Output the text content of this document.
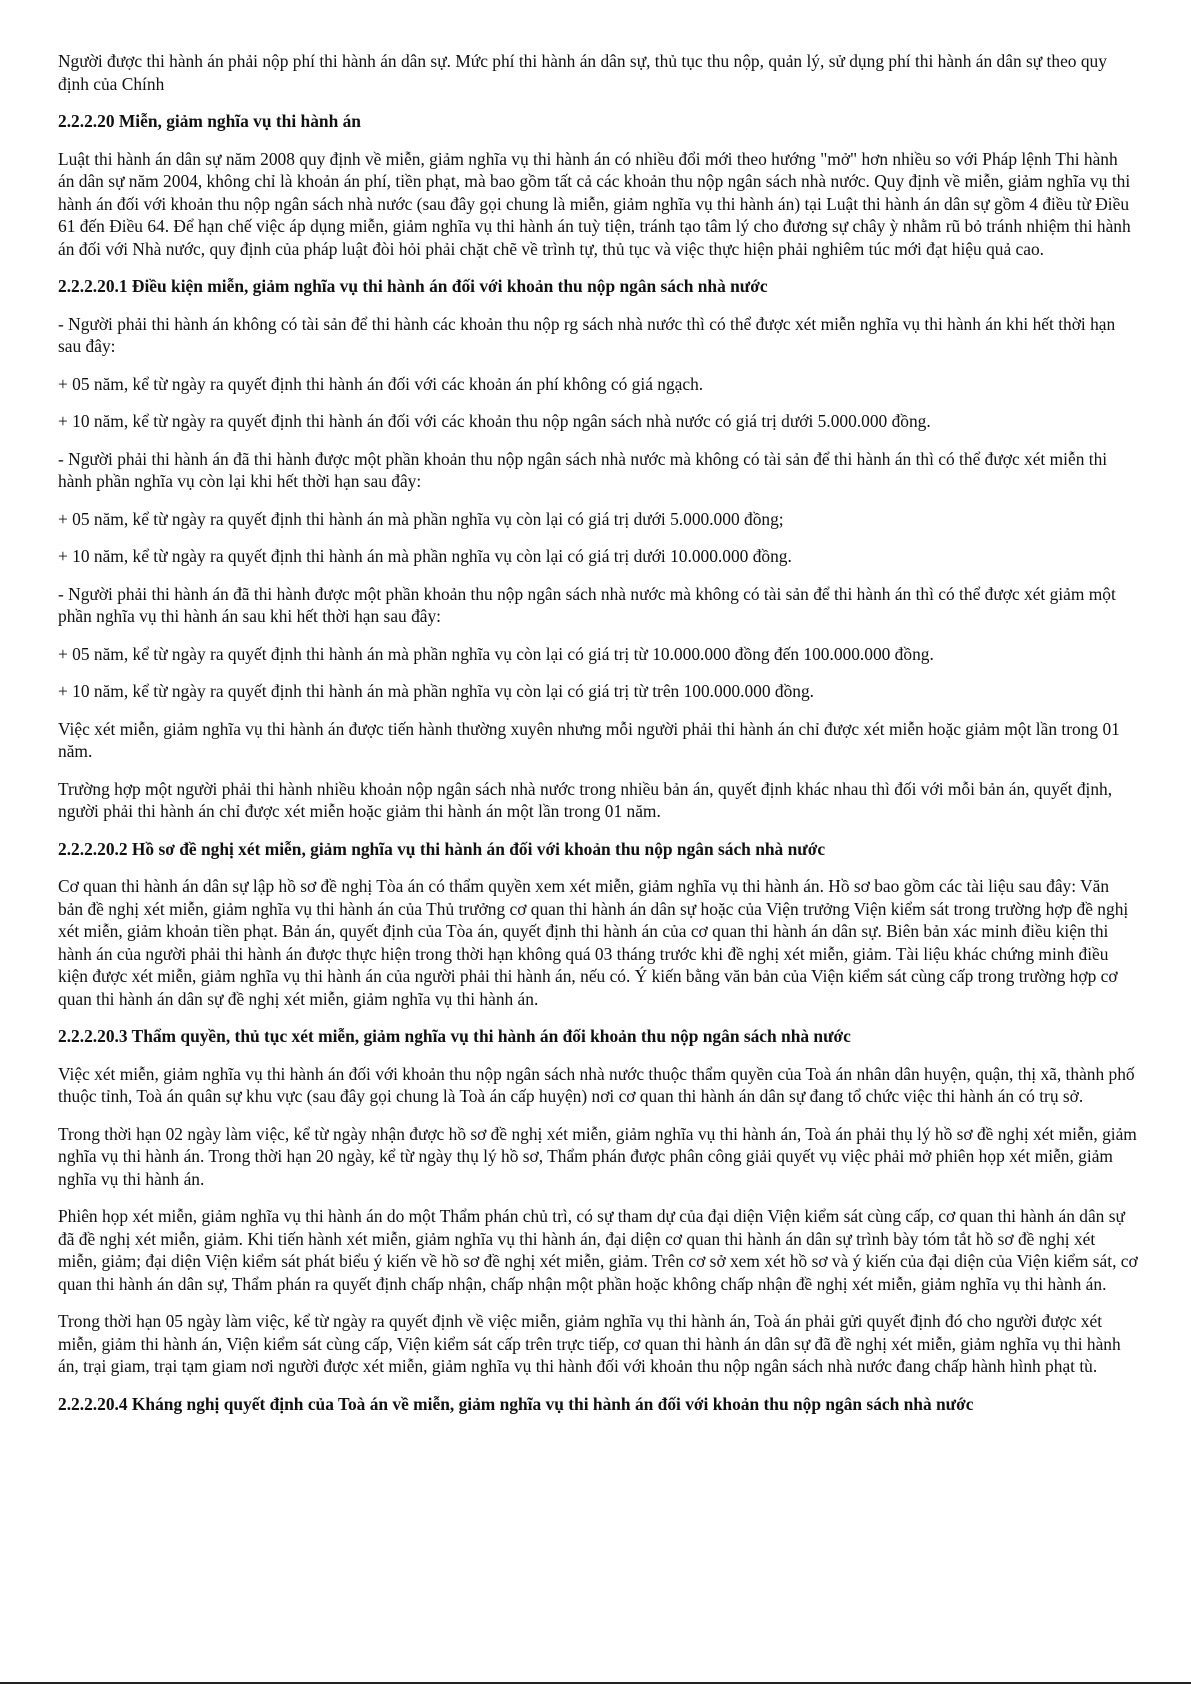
Người được thi hành án phải nộp phí thi hành án dân sự. Mức phí thi hành án dân sự, thủ tục thu nộp, quản lý, sử dụng phí thi hành án dân sự theo quy định của Chính

2.2.2.20 Miễn, giảm nghĩa vụ thi hành án

Luật thi hành án dân sự năm 2008 quy định về miễn, giảm nghĩa vụ thi hành án có nhiều đổi mới theo hướng "mở" hơn nhiều so với Pháp lệnh Thi hành án dân sự năm 2004, không chỉ là khoản án phí, tiền phạt, mà bao gồm tất cả các khoản thu nộp ngân sách nhà nước. Quy định về miễn, giảm nghĩa vụ thi hành án đối với khoản thu nộp ngân sách nhà nước (sau đây gọi chung là miễn, giảm nghĩa vụ thi hành án) tại Luật thi hành án dân sự gồm 4 điều từ Điều 61 đến Điều 64. Để hạn chế việc áp dụng miễn, giảm nghĩa vụ thi hành án tuỳ tiện, tránh tạo tâm lý cho đương sự chây ỳ nhằm rũ bỏ tránh nhiệm thi hành án đối với Nhà nước, quy định của pháp luật đòi hỏi phải chặt chẽ về trình tự, thủ tục và việc thực hiện phải nghiêm túc mới đạt hiệu quả cao.

2.2.2.20.1 Điều kiện miễn, giảm nghĩa vụ thi hành án đối với khoản thu nộp ngân sách nhà nước

- Người phải thi hành án không có tài sản để thi hành các khoản thu nộp rg sách nhà nước thì có thể được xét miễn nghĩa vụ thi hành án khi hết thời hạn sau đây:

+ 05 năm, kể từ ngày ra quyết định thi hành án đối với các khoản án phí không có giá ngạch.

+ 10 năm, kể từ ngày ra quyết định thi hành án đối với các khoản thu nộp ngân sách nhà nước có giá trị dưới 5.000.000 đồng.

- Người phải thi hành án đã thi hành được một phần khoản thu nộp ngân sách nhà nước mà không có tài sản để thi hành án thì có thể được xét miễn thi hành phần nghĩa vụ còn lại khi hết thời hạn sau đây:

+ 05 năm, kể từ ngày ra quyết định thi hành án mà phần nghĩa vụ còn lại có giá trị dưới 5.000.000 đồng;

+ 10 năm, kể từ ngày ra quyết định thi hành án mà phần nghĩa vụ còn lại có giá trị dưới 10.000.000 đồng.

- Người phải thi hành án đã thi hành được một phần khoản thu nộp ngân sách nhà nước mà không có tài sản để thi hành án thì có thể được xét giảm một phần nghĩa vụ thi hành án sau khi hết thời hạn sau đây:

+ 05 năm, kể từ ngày ra quyết định thi hành án mà phần nghĩa vụ còn lại có giá trị từ 10.000.000 đồng đến 100.000.000 đồng.

+ 10 năm, kể từ ngày ra quyết định thi hành án mà phần nghĩa vụ còn lại có giá trị từ trên 100.000.000 đồng.

Việc xét miễn, giảm nghĩa vụ thi hành án được tiến hành thường xuyên nhưng mỗi người phải thi hành án chỉ được xét miễn hoặc giảm một lần trong 01 năm.

Trường hợp một người phải thi hành nhiều khoản nộp ngân sách nhà nước trong nhiều bản án, quyết định khác nhau thì đối với mỗi bản án, quyết định, người phải thi hành án chỉ được xét miễn hoặc giảm thi hành án một lần trong 01 năm.

2.2.2.20.2 Hồ sơ đề nghị xét miễn, giảm nghĩa vụ thi hành án đối với khoản thu nộp ngân sách nhà nước

Cơ quan thi hành án dân sự lập hồ sơ đề nghị Tòa án có thẩm quyền xem xét miễn, giảm nghĩa vụ thi hành án. Hồ sơ bao gồm các tài liệu sau đây: Văn bản đề nghị xét miễn, giảm nghĩa vụ thi hành án của Thủ trưởng cơ quan thi hành án dân sự hoặc của Viện trưởng Viện kiểm sát trong trường hợp đề nghị xét miễn, giảm khoản tiền phạt. Bản án, quyết định của Tòa án, quyết định thi hành án của cơ quan thi hành án dân sự. Biên bản xác minh điều kiện thi hành án của người phải thi hành án được thực hiện trong thời hạn không quá 03 tháng trước khi đề nghị xét miễn, giảm. Tài liệu khác chứng minh điều kiện được xét miễn, giảm nghĩa vụ thi hành án của người phải thi hành án, nếu có. Ý kiến bằng văn bản của Viện kiểm sát cùng cấp trong trường hợp cơ quan thi hành án dân sự đề nghị xét miễn, giảm nghĩa vụ thi hành án.

2.2.2.20.3 Thẩm quyền, thủ tục xét miễn, giảm nghĩa vụ thi hành án đối khoản thu nộp ngân sách nhà nước

Việc xét miễn, giảm nghĩa vụ thi hành án đối với khoản thu nộp ngân sách nhà nước thuộc thẩm quyền của Toà án nhân dân huyện, quận, thị xã, thành phố thuộc tỉnh, Toà án quân sự khu vực (sau đây gọi chung là Toà án cấp huyện) nơi cơ quan thi hành án dân sự đang tổ chức việc thi hành án có trụ sở.

Trong thời hạn 02 ngày làm việc, kể từ ngày nhận được hồ sơ đề nghị xét miễn, giảm nghĩa vụ thi hành án, Toà án phải thụ lý hồ sơ đề nghị xét miễn, giảm nghĩa vụ thi hành án. Trong thời hạn 20 ngày, kể từ ngày thụ lý hồ sơ, Thẩm phán được phân công giải quyết vụ việc phải mở phiên họp xét miễn, giảm nghĩa vụ thi hành án.

Phiên họp xét miễn, giảm nghĩa vụ thi hành án do một Thẩm phán chủ trì, có sự tham dự của đại diện Viện kiểm sát cùng cấp, cơ quan thi hành án dân sự đã đề nghị xét miễn, giảm. Khi tiến hành xét miễn, giảm nghĩa vụ thi hành án, đại diện cơ quan thi hành án dân sự trình bày tóm tắt hồ sơ đề nghị xét miễn, giảm; đại diện Viện kiểm sát phát biểu ý kiến về hồ sơ đề nghị xét miễn, giảm. Trên cơ sở xem xét hồ sơ và ý kiến của đại diện của Viện kiểm sát, cơ quan thi hành án dân sự, Thẩm phán ra quyết định chấp nhận, chấp nhận một phần hoặc không chấp nhận đề nghị xét miễn, giảm nghĩa vụ thi hành án.

Trong thời hạn 05 ngày làm việc, kể từ ngày ra quyết định về việc miễn, giảm nghĩa vụ thi hành án, Toà án phải gửi quyết định đó cho người được xét miễn, giảm thi hành án, Viện kiểm sát cùng cấp, Viện kiểm sát cấp trên trực tiếp, cơ quan thi hành án dân sự đã đề nghị xét miễn, giảm nghĩa vụ thi hành án, trại giam, trại tạm giam nơi người được xét miễn, giảm nghĩa vụ thi hành đối với khoản thu nộp ngân sách nhà nước đang chấp hành hình phạt tù.

2.2.2.20.4 Kháng nghị quyết định của Toà án về miễn, giảm nghĩa vụ thi hành án đối với khoản thu nộp ngân sách nhà nước
